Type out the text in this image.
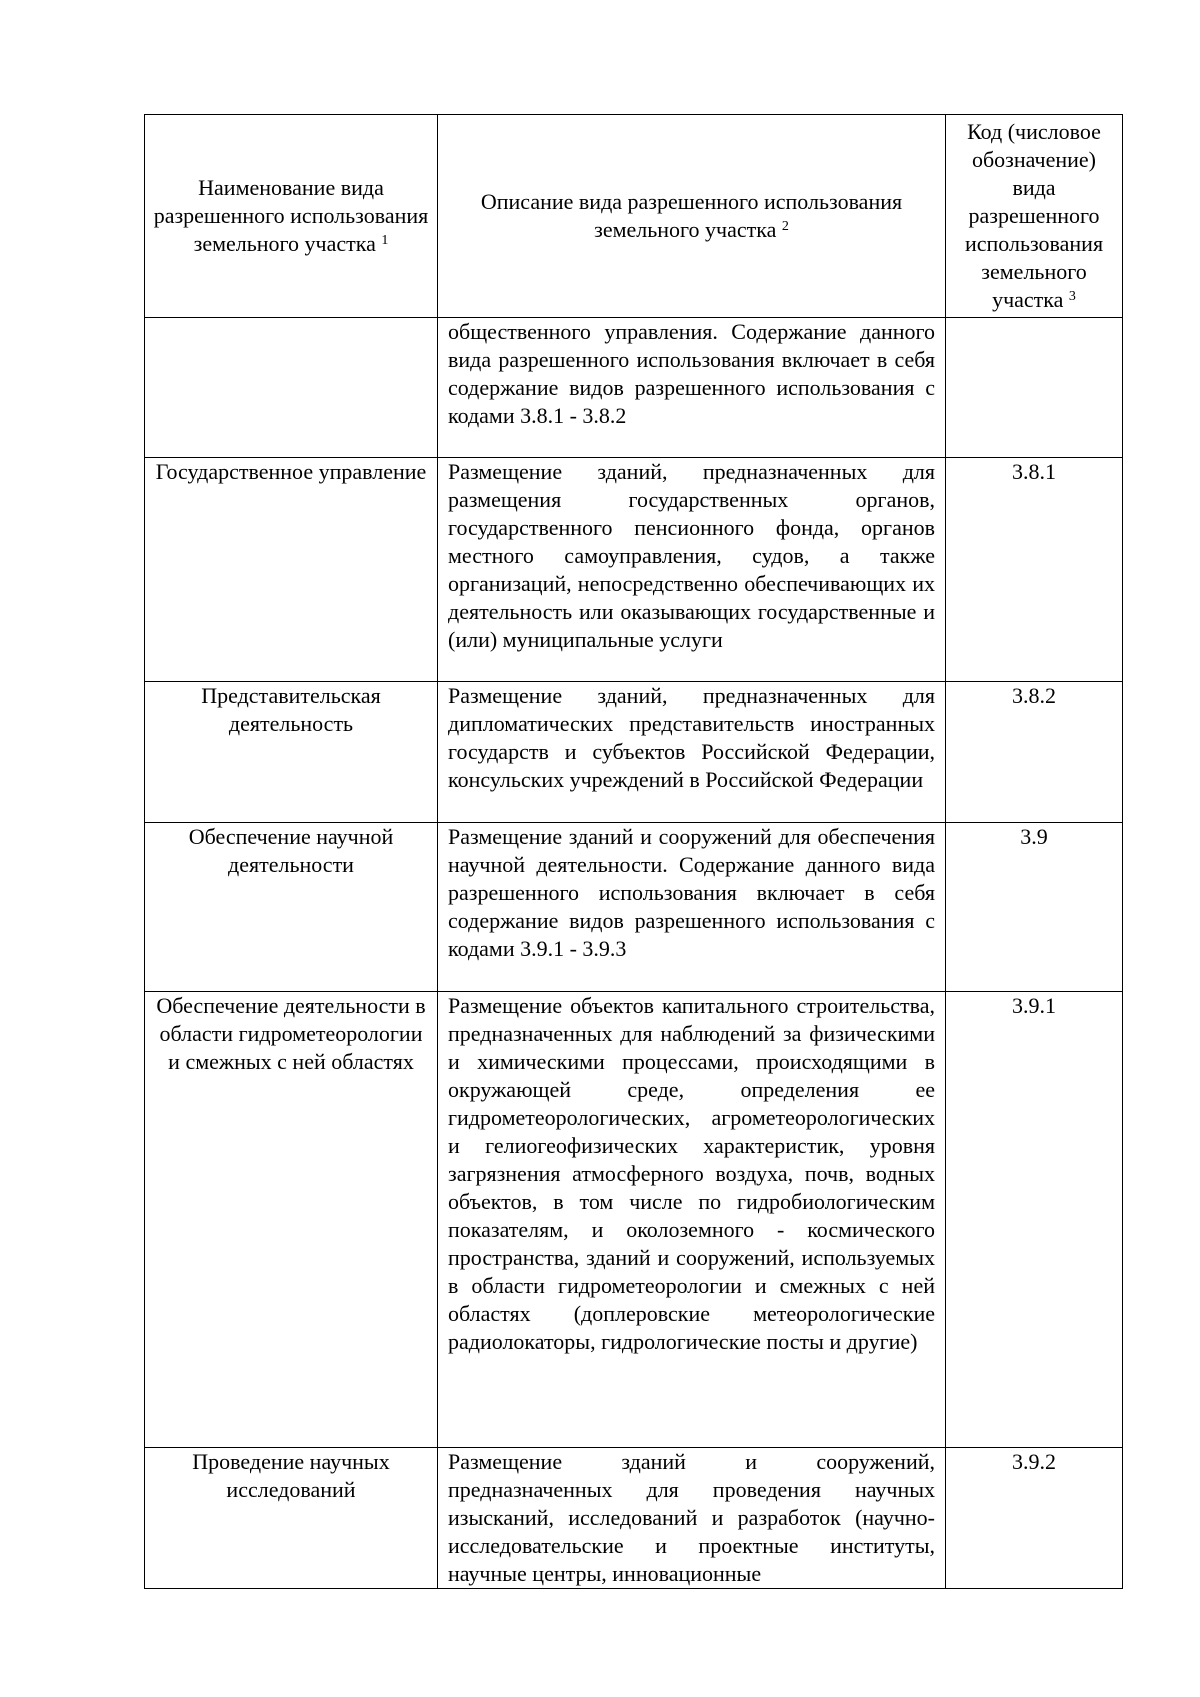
Наименование вида разрешенного использования земельного участка $^1$	Описание вида разрешенного использования земельного участка $^2$	Код (числовое обозначение) вида разрешенного использования земельного участка $^3$
	общественного управления. Содержание данного вида разрешенного использования включает в себя содержание видов разрешенного использования с кодами 3.8.1 - 3.8.2	
Государственное управление	Размещение зданий, предназначенных для размещения государственных органов, государственного пенсионного фонда, органов местного самоуправления, судов, а также организаций, непосредственно обеспечивающих их деятельность или оказывающих государственные и (или) муниципальные услуги	3.8.1
Представительская деятельность	Размещение зданий, предназначенных для дипломатических представительств иностранных государств и субъектов Российской Федерации, консульских учреждений в Российской Федерации	3.8.2
Обеспечение научной деятельности	Размещение зданий и сооружений для обеспечения научной деятельности. Содержание данного вида разрешенного использования включает в себя содержание видов разрешенного использования с кодами 3.9.1 - 3.9.3	3.9
Обеспечение деятельности в области гидрометеорологии и смежных с ней областях	Размещение объектов капитального строительства, предназначенных для наблюдений за физическими и химическими процессами, происходящими в окружающей среде, определения ее гидрометеорологических, агрометеорологических и гелиогеофизических характеристик, уровня загрязнения атмосферного воздуха, почв, водных объектов, в том числе по гидробиологическим показателям, и околоземного - космического пространства, зданий и сооружений, используемых в области гидрометеорологии и смежных с ней областях (доплеровские метеорологические радиолокаторы, гидрологические посты и другие)	3.9.1
Проведение научных исследований	Размещение зданий и сооружений, предназначенных для проведения научных изысканий, исследований и разработок (научно-исследовательские и проектные институты, научные центры, инновационные	3.9.2
